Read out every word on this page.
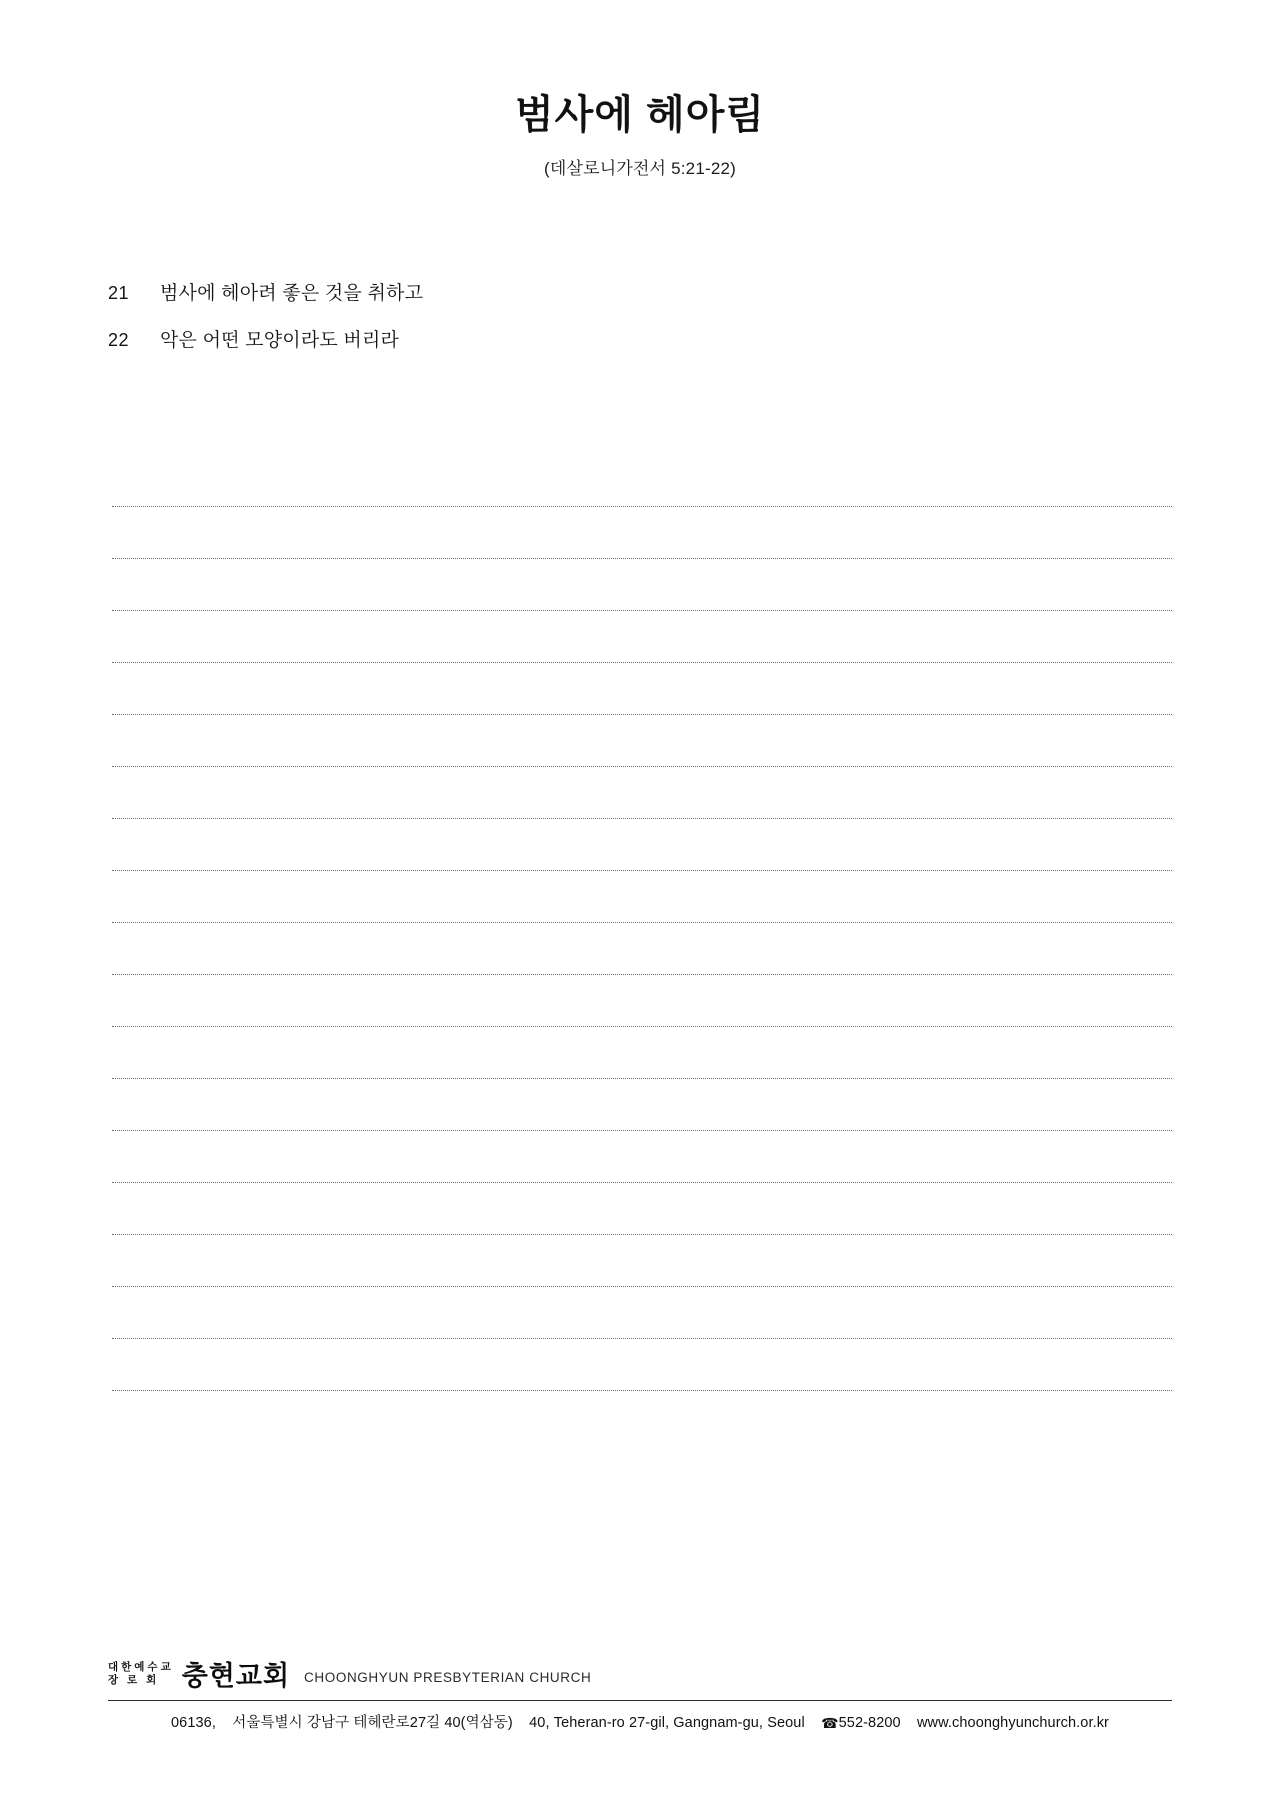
범사에 헤아림
(데살로니가전서 5:21-22)
21	범사에 헤아려 좋은 것을 취하고
22	악은 어떤 모양이라도 버리라
대한예수교
장 로 회 충현교회 CHOONGHYUN PRESBYTERIAN CHURCH
06136, 서울특별시 강남구 테헤란로27길 40(역삼동) 40, Teheran-ro 27-gil, Gangnam-gu, Seoul ☎552-8200 www.choonghyunchurch.or.kr
